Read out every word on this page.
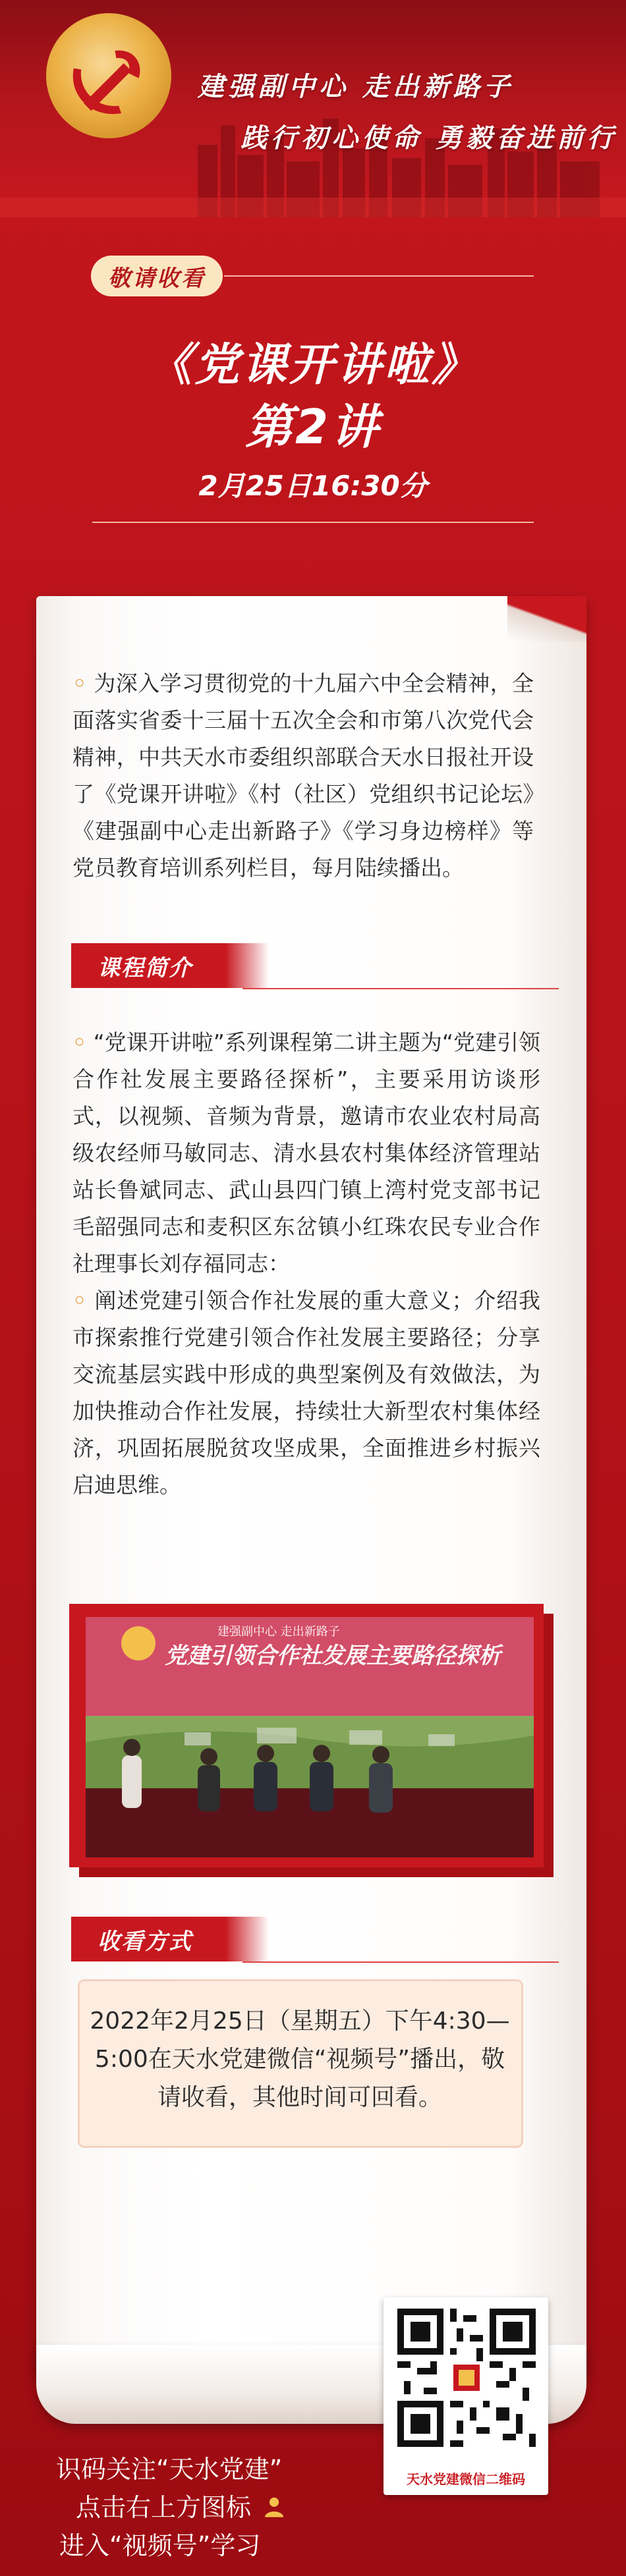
建强副中心 走出新路子
践行初心使命 勇毅奋进前行
敬请收看
《党课开讲啦》
第2讲
2月25日16:30分
◦ 为深入学习贯彻党的十九届六中全会精神，全面落实省委十三届十五次全会和市第八次党代会精神，中共天水市委组织部联合天水日报社开设了《党课开讲啦》《村（社区）党组织书记论坛》《建强副中心走出新路子》《学习身边榜样》等党员教育培训系列栏目，每月陆续播出。
课程简介
◦ “党课开讲啦”系列课程第二讲主题为“党建引领合作社发展主要路径探析”，主要采用访谈形式，以视频、音频为背景，邀请市农业农村局高级农经师马敏同志、清水县农村集体经济管理站站长鲁斌同志、武山县四门镇上湾村党支部书记毛韶强同志和麦积区东岔镇小红珠农民专业合作社理事长刘存福同志：
◦ 阐述党建引领合作社发展的重大意义；介绍我市探索推行党建引领合作社发展主要路径；分享交流基层实践中形成的典型案例及有效做法，为加快推动合作社发展，持续壮大新型农村集体经济，巩固拓展脱贫攻坚成果，全面推进乡村振兴启迪思维。
建强副中心 走出新路子
党建引领合作社发展主要路径探析
收看方式
2022年2月25日（星期五）下午4:30—5:00在天水党建微信“视频号”播出，敬请收看，其他时间可回看。
识码关注“天水党建”
点击右上方图标
进入“视频号”学习
天水党建微信二维码
